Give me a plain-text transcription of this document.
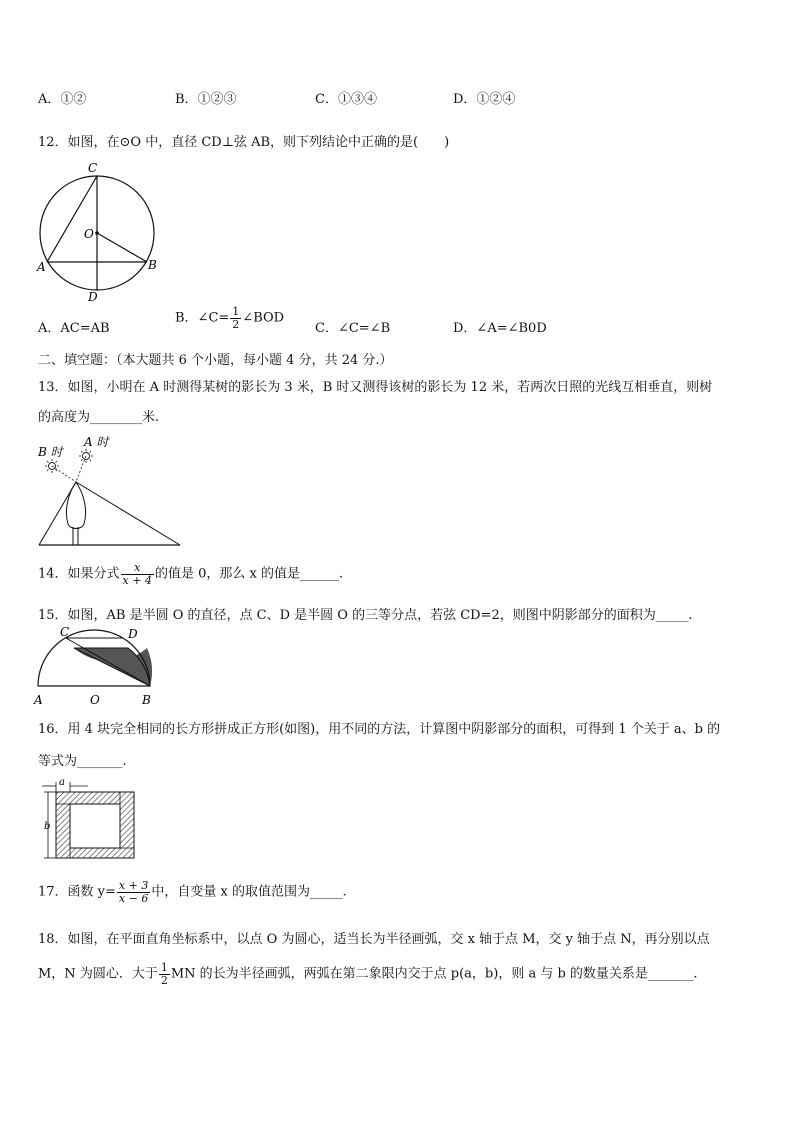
A．①②	B．①②③	C．①③④	D．①②④
12．如图，在⊙O 中，直径 CD⊥弦 AB，则下列结论中正确的是(　　)
C
O
A	B
D
A．AC=AB
B．∠C= $\frac{1}{2}$ ∠BOD
C．∠C=∠B	D．∠A=∠B0D
二、填空题：（本大题共 6 个小题，每小题 4 分，共 24 分.）
13．如图，小明在 A 时测得某树的影长为 3 米，B 时又测得该树的影长为 12 米，若两次日照的光线互相垂直，则树
的高度为________米.
B 时
A 时
14．如果分式 $\frac{x}{x + 4}$ 的值是 0，那么 x 的值是______.
15．如图，AB 是半圆 O 的直径，点 C、D 是半圆 O 的三等分点，若弦 CD=2，则图中阴影部分的面积为_____.
C	D
A	O	B
16．用 4 块完全相同的长方形拼成正方形(如图)，用不同的方法，计算图中阴影部分的面积，可得到 1 个关于 a、b 的
等式为_______.
a
b
17．函数 $y= \frac{x + 3}{x - 6}$ 中，自变量 x 的取值范围为_____.
18．如图，在平面直角坐标系中，以点 O 为圆心，适当长为半径画弧，交 x 轴于点 M，交 y 轴于点 N，再分别以点
M，N 为圆心．大于 $\frac{1}{2}$ MN 的长为半径画弧，两弧在第二象限内交于点 p(a，b)，则 a 与 b 的数量关系是_______.
